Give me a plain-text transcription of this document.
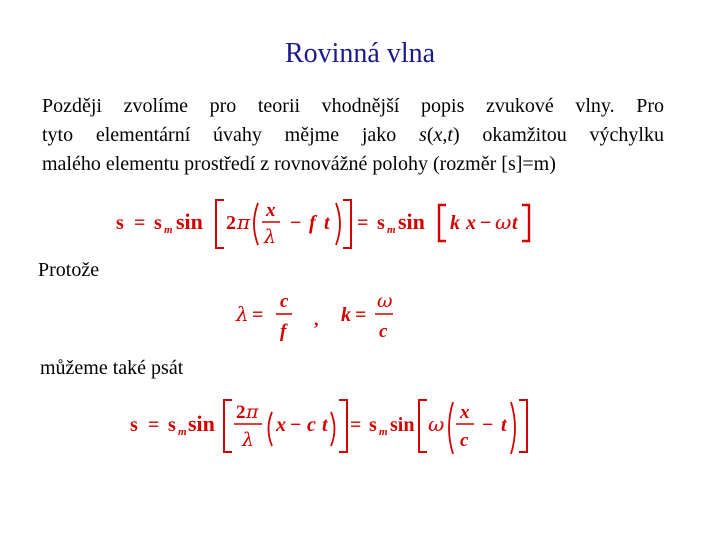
Rovinná vlna
Později zvolíme pro teorii vhodnější popis zvukové vlny. Pro
tyto elementární úvahy mějme jako s(x,t) okamžitou výchylku
malého elementu prostředí z rovnovážné polohy (rozměr [s]=m)
s = s m sin 2 π x
λ
− f t = s m sin k x − ω t
Protože
λ =
c
f
, k =
ω
c
můžeme také psát
s = s m sin 2 π
λ
x − c t = s m sin ω x
c
− t
